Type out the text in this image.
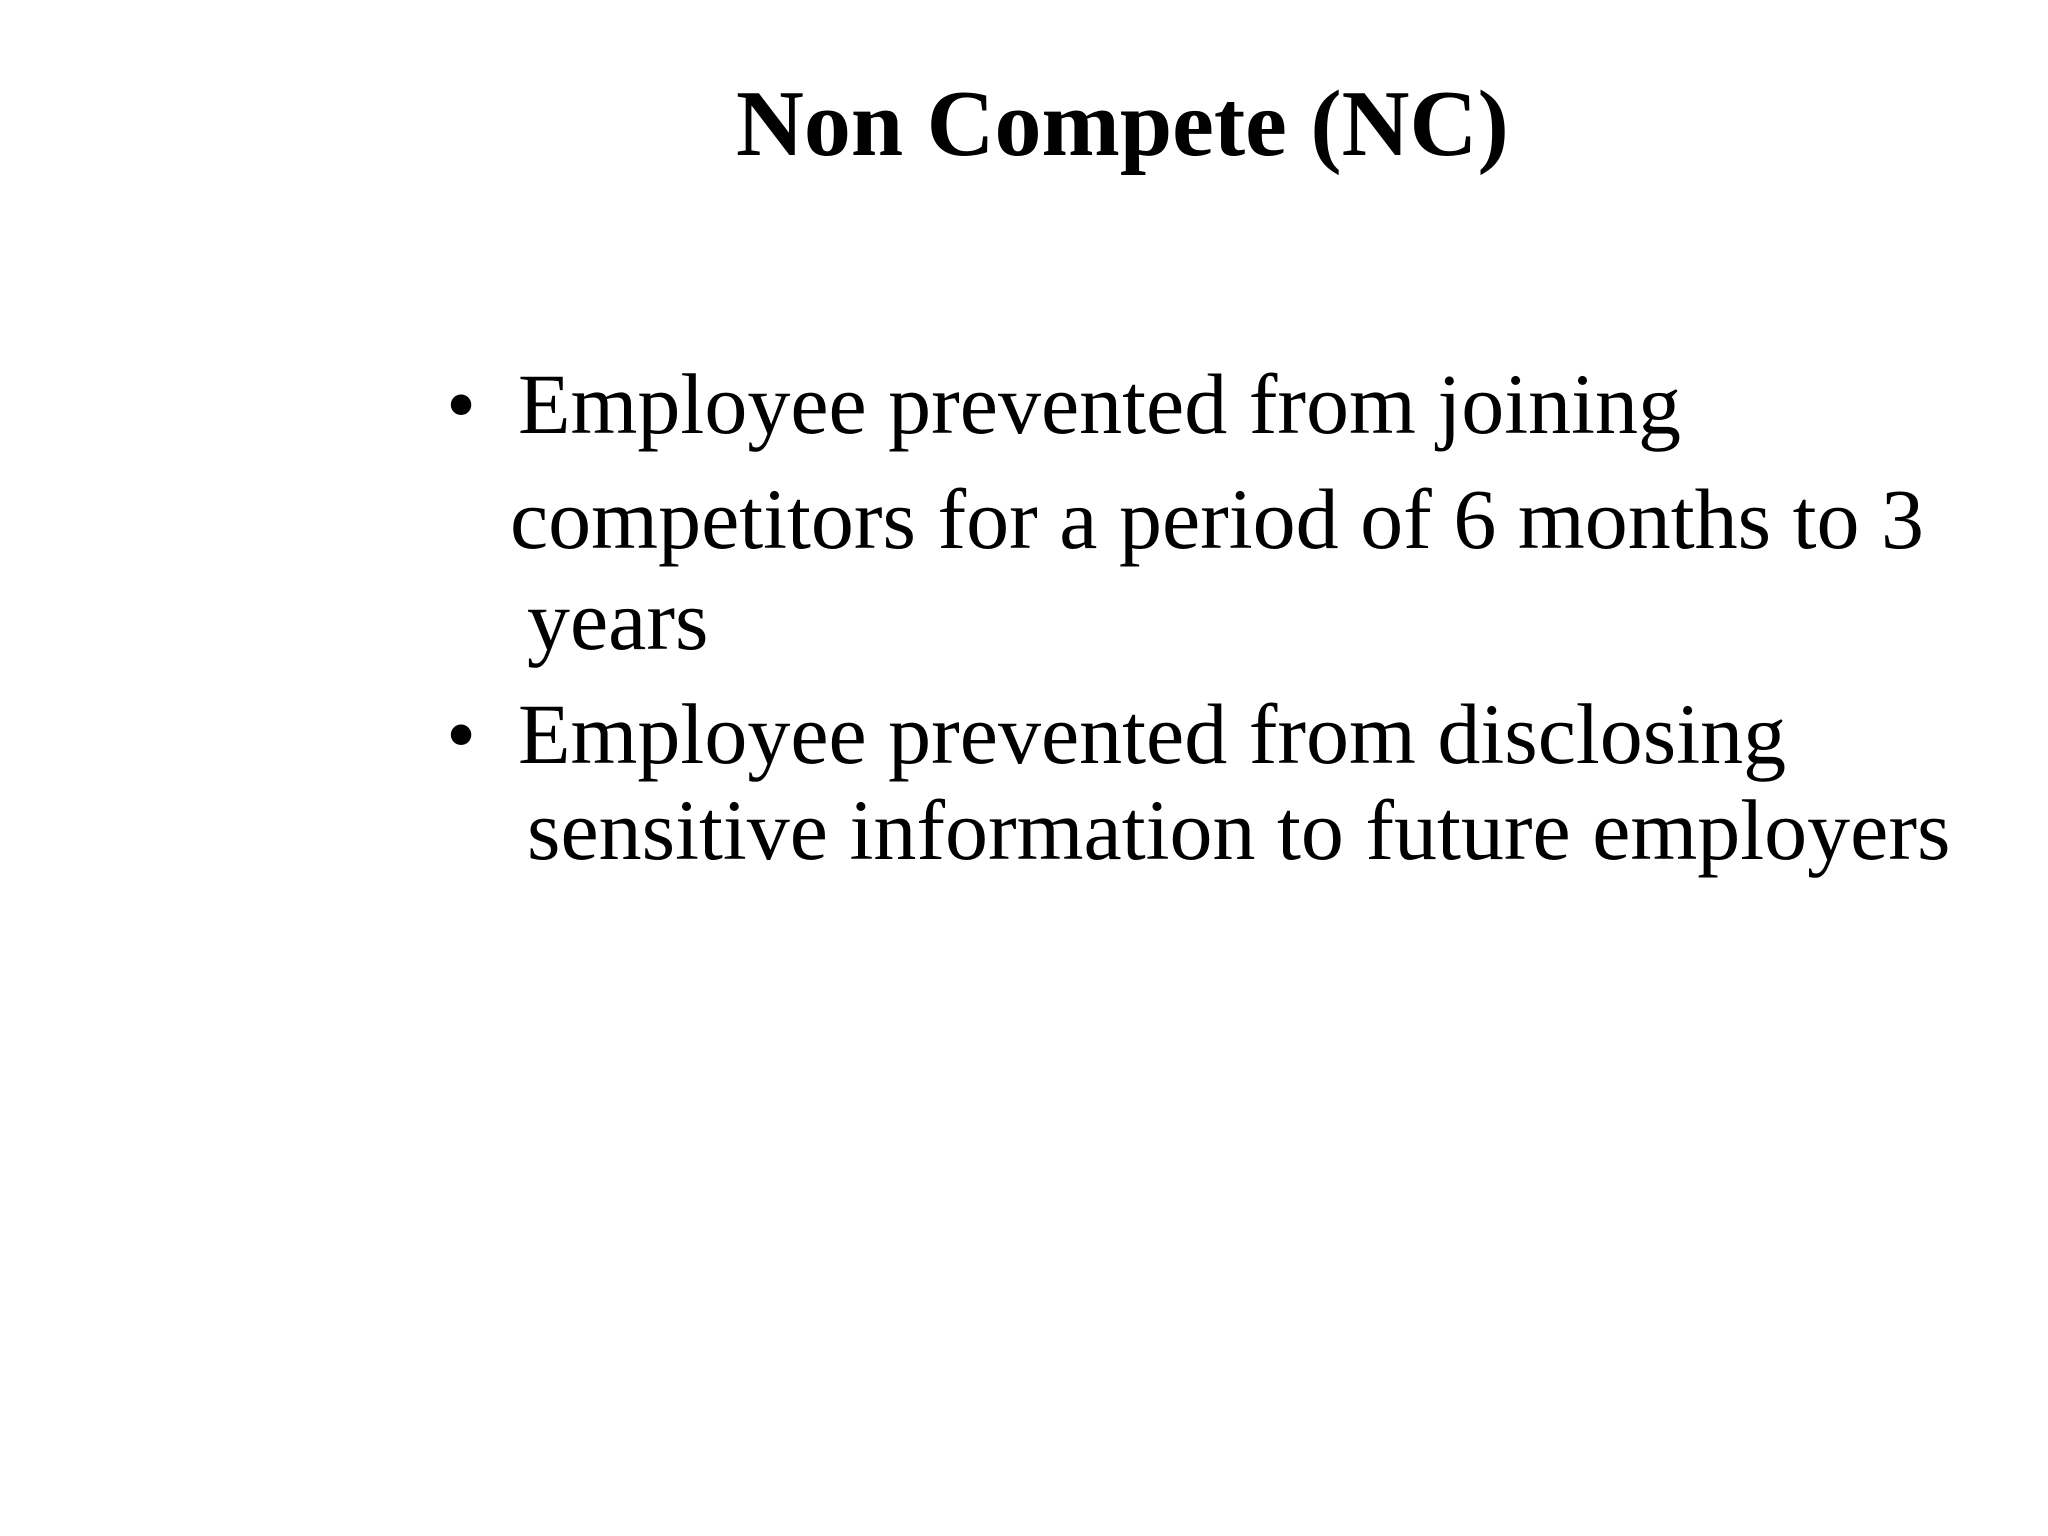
Non Compete (NC)
• Employee prevented from joining

competitors for a period of 6 months to 3

years

• Employee prevented from disclosing

sensitive information to future employers
